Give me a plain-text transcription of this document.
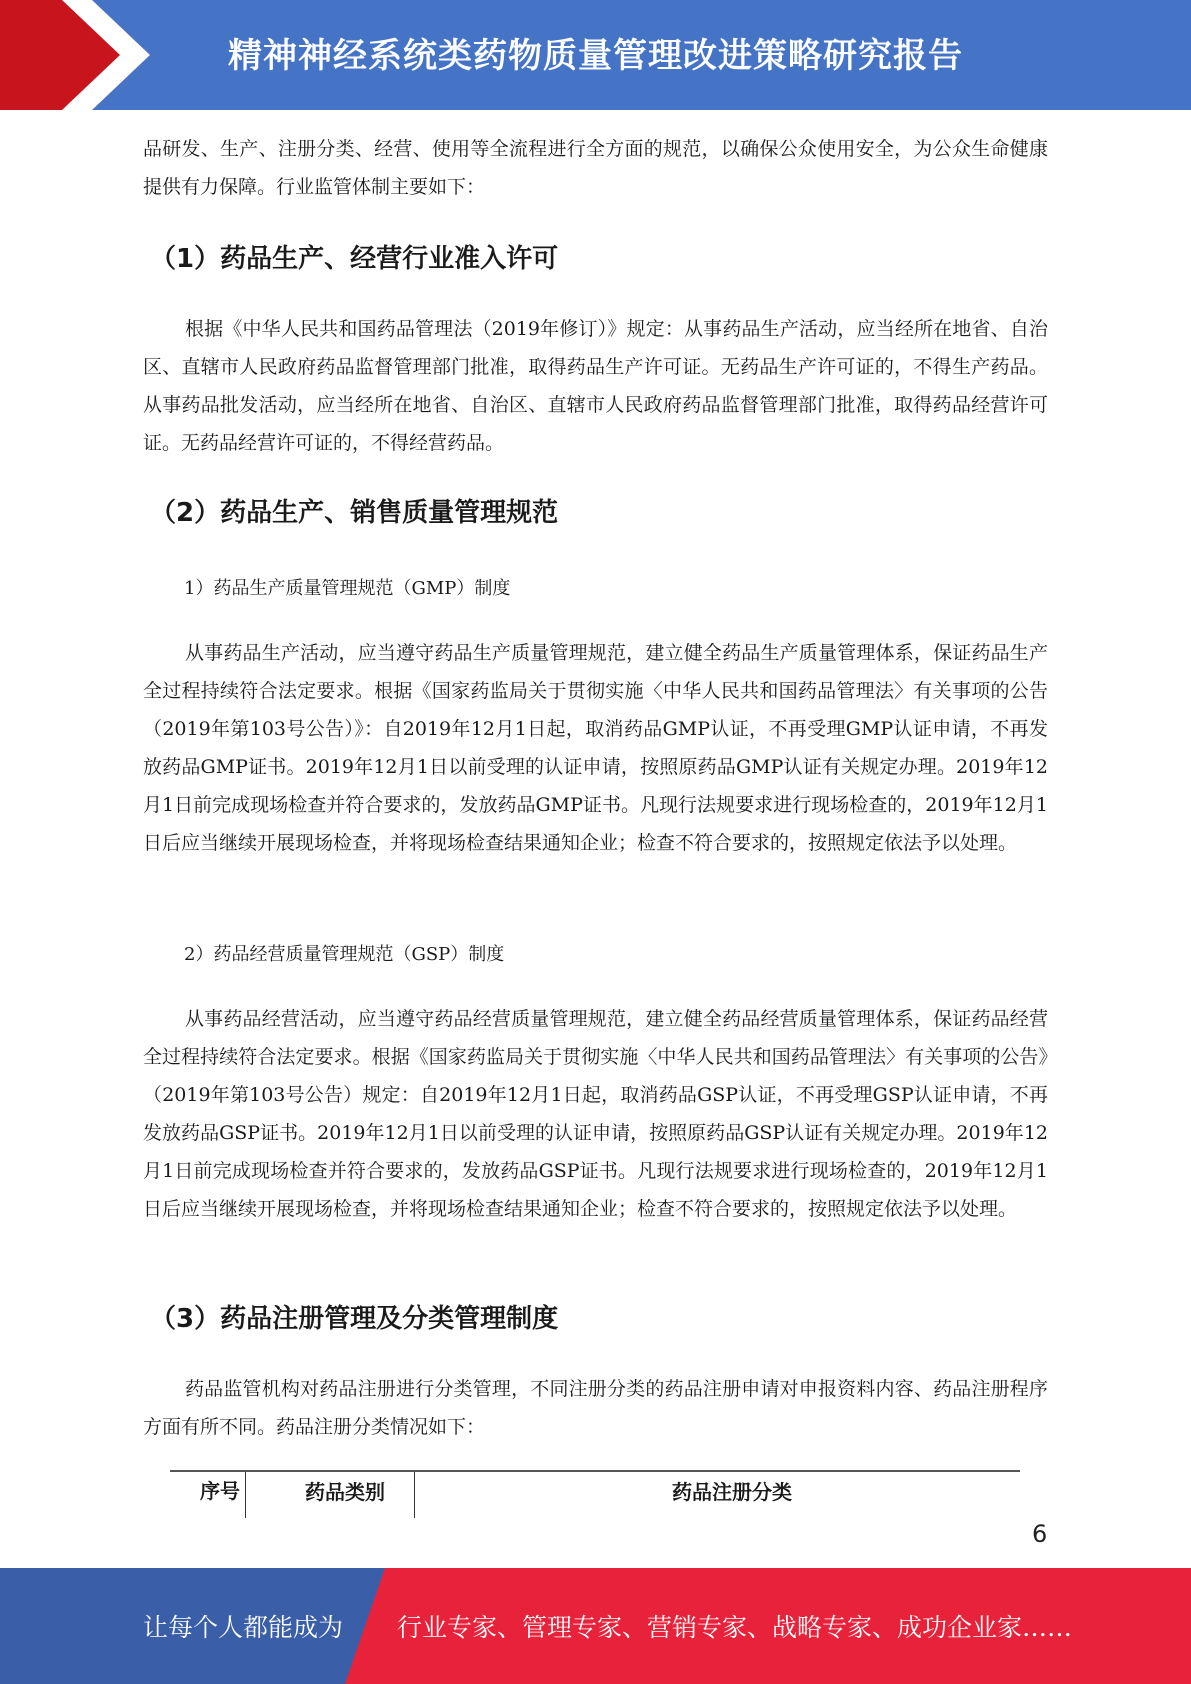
精神神经系统类药物质量管理改进策略研究报告

品研发、生产、注册分类、经营、使用等全流程进行全方面的规范，以确保公众使用安全，为公众生命健康提供有力保障。行业监管体制主要如下：

（1）药品生产、经营行业准入许可

根据《中华人民共和国药品管理法（2019年修订）》规定：从事药品生产活动，应当经所在地省、自治区、直辖市人民政府药品监督管理部门批准，取得药品生产许可证。无药品生产许可证的，不得生产药品。从事药品批发活动，应当经所在地省、自治区、直辖市人民政府药品监督管理部门批准，取得药品经营许可证。无药品经营许可证的，不得经营药品。

（2）药品生产、销售质量管理规范

1）药品生产质量管理规范（GMP）制度

从事药品生产活动，应当遵守药品生产质量管理规范，建立健全药品生产质量管理体系，保证药品生产全过程持续符合法定要求。根据《国家药监局关于贯彻实施〈中华人民共和国药品管理法〉有关事项的公告（2019年第103号公告）》：自2019年12月1日起，取消药品GMP认证，不再受理GMP认证申请，不再发放药品GMP证书。2019年12月1日以前受理的认证申请，按照原药品GMP认证有关规定办理。2019年12月1日前完成现场检查并符合要求的，发放药品GMP证书。凡现行法规要求进行现场检查的，2019年12月1日后应当继续开展现场检查，并将现场检查结果通知企业；检查不符合要求的，按照规定依法予以处理。

2）药品经营质量管理规范（GSP）制度

从事药品经营活动，应当遵守药品经营质量管理规范，建立健全药品经营质量管理体系，保证药品经营全过程持续符合法定要求。根据《国家药监局关于贯彻实施〈中华人民共和国药品管理法〉有关事项的公告》（2019年第103号公告）规定：自2019年12月1日起，取消药品GSP认证，不再受理GSP认证申请，不再发放药品GSP证书。2019年12月1日以前受理的认证申请，按照原药品GSP认证有关规定办理。2019年12月1日前完成现场检查并符合要求的，发放药品GSP证书。凡现行法规要求进行现场检查的，2019年12月1日后应当继续开展现场检查，并将现场检查结果通知企业；检查不符合要求的，按照规定依法予以处理。

（3）药品注册管理及分类管理制度

药品监管机构对药品注册进行分类管理，不同注册分类的药品注册申请对申报资料内容、药品注册程序方面有所不同。药品注册分类情况如下：

序号	药品类别	药品注册分类
6
让每个人都能成为 行业专家、管理专家、营销专家、战略专家、成功企业家……
